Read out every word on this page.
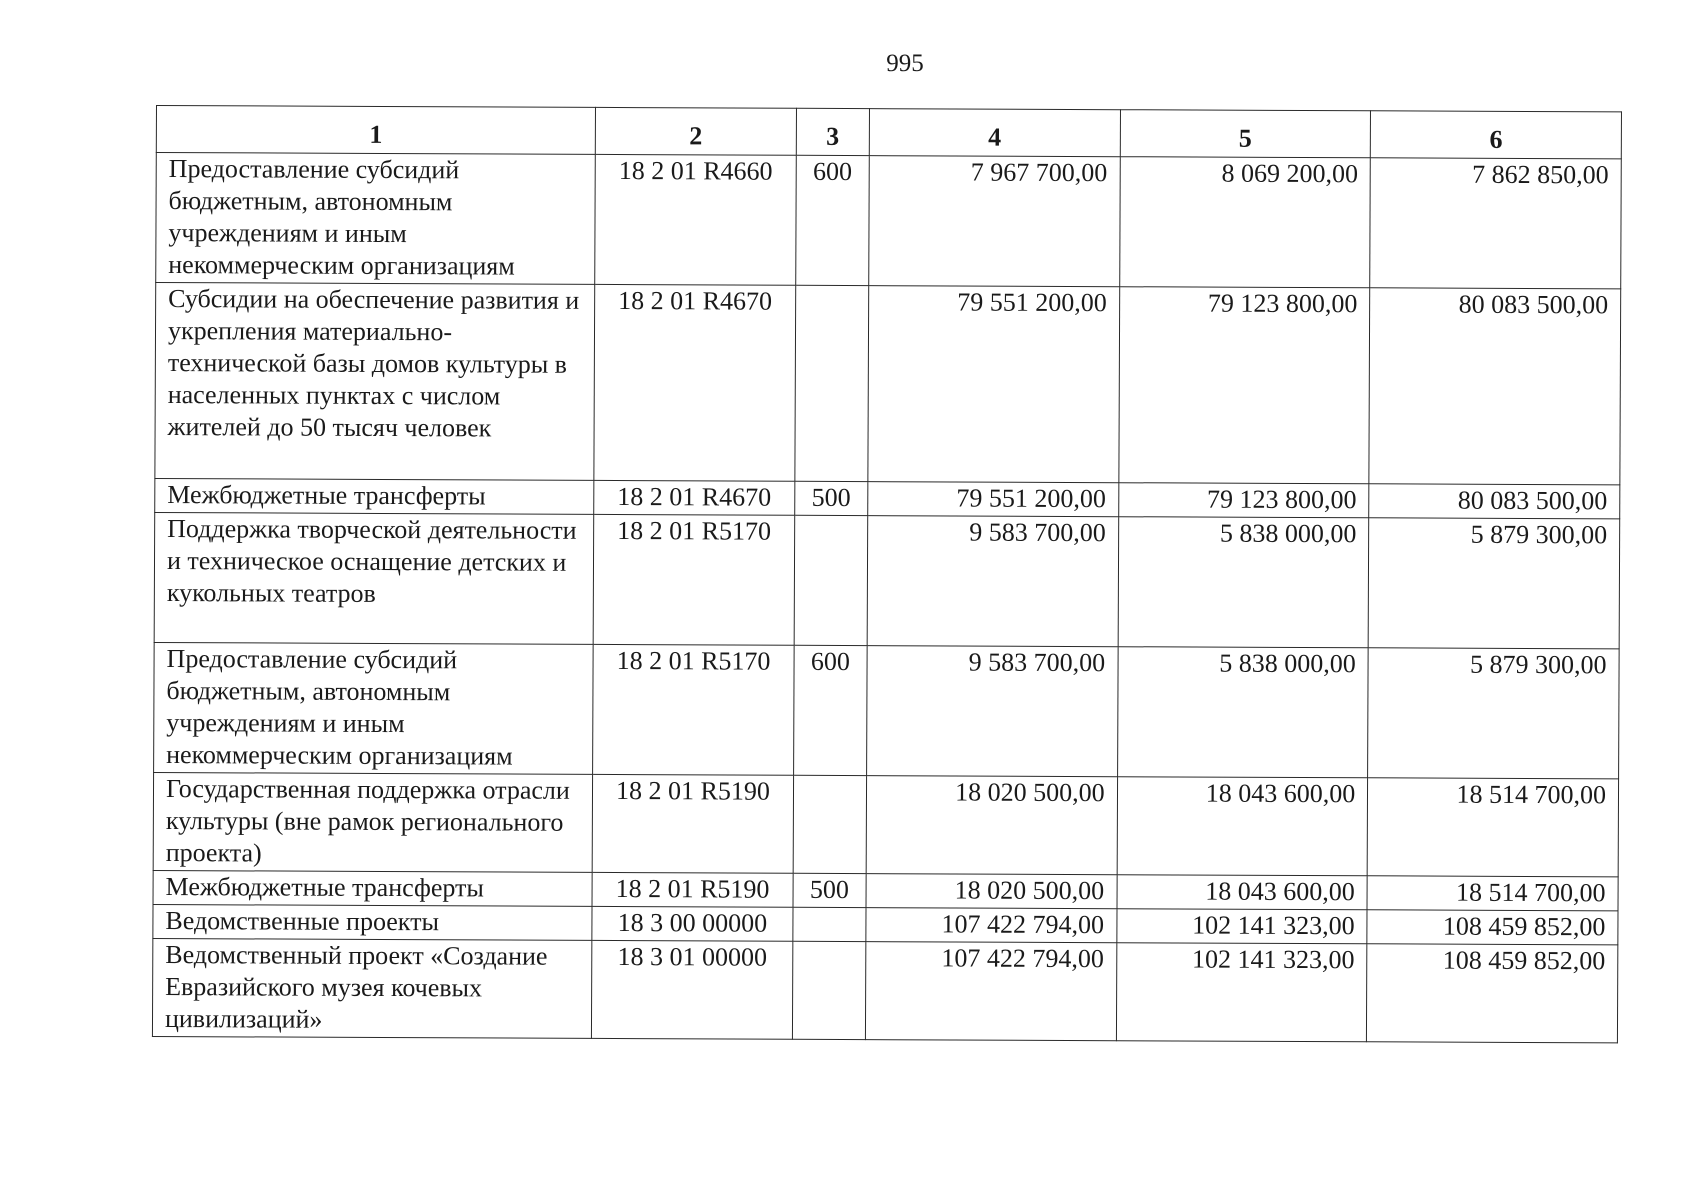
995
1	2	3	4	5	6
Предоставление субсидий бюджетным, автономным учреждениям и иным некоммерческим организациям	18 2 01 R4660	600	7 967 700,00	8 069 200,00	7 862 850,00
Субсидии на обеспечение развития и укрепления материально-технической базы домов культуры в населенных пунктах с числом жителей до 50 тысяч человек	18 2 01 R4670		79 551 200,00	79 123 800,00	80 083 500,00
Межбюджетные трансферты	18 2 01 R4670	500	79 551 200,00	79 123 800,00	80 083 500,00
Поддержка творческой деятельности и техническое оснащение детских и кукольных театров	18 2 01 R5170		9 583 700,00	5 838 000,00	5 879 300,00
Предоставление субсидий бюджетным, автономным учреждениям и иным некоммерческим организациям	18 2 01 R5170	600	9 583 700,00	5 838 000,00	5 879 300,00
Государственная поддержка отрасли культуры (вне рамок регионального проекта)	18 2 01 R5190		18 020 500,00	18 043 600,00	18 514 700,00
Межбюджетные трансферты	18 2 01 R5190	500	18 020 500,00	18 043 600,00	18 514 700,00
Ведомственные проекты	18 3 00 00000		107 422 794,00	102 141 323,00	108 459 852,00
Ведомственный проект «Создание Евразийского музея кочевых цивилизаций»	18 3 01 00000		107 422 794,00	102 141 323,00	108 459 852,00
